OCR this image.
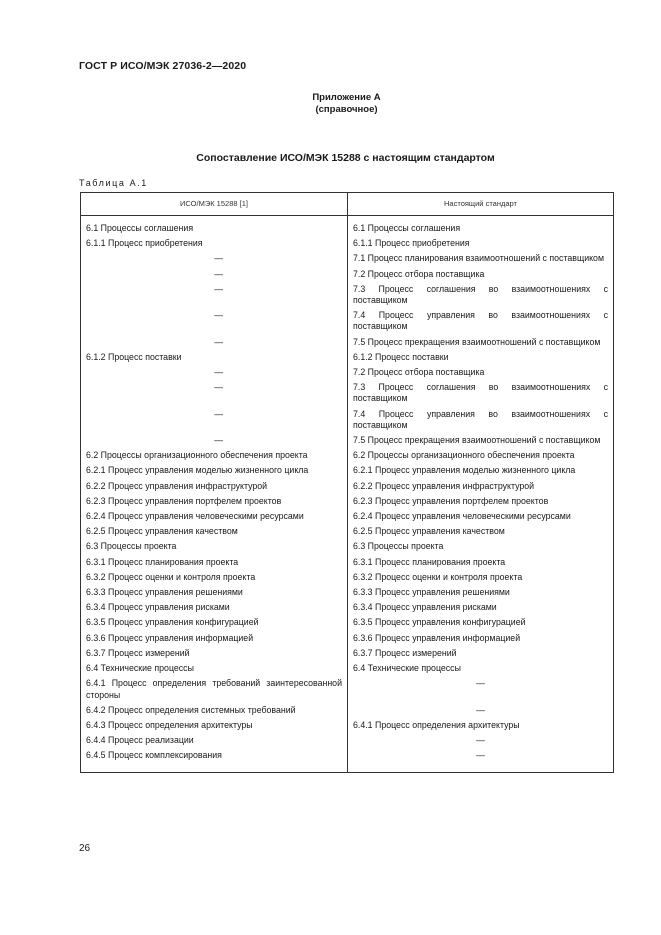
ГОСТ Р ИСО/МЭК 27036-2—2020
Приложение А
(справочное)
Сопоставление ИСО/МЭК 15288 с настоящим стандартом
Таблица А.1
ИСО/МЭК 15288 [1]	Настоящий стандарт
6.1 Процессы соглашения	6.1 Процессы соглашения
6.1.1 Процесс приобретения	6.1.1 Процесс приобретения
—	7.1 Процесс планирования взаимоотношений с поставщиком
—	7.2 Процесс отбора поставщика
—	7.3 Процесс соглашения во взаимоотношениях с поставщиком
—	7.4 Процесс управления во взаимоотношениях с поставщиком
—	7.5 Процесс прекращения взаимоотношений с поставщиком
6.1.2 Процесс поставки	6.1.2 Процесс поставки
—	7.2 Процесс отбора поставщика
—	7.3 Процесс соглашения во взаимоотношениях с поставщиком
—	7.4 Процесс управления во взаимоотношениях с поставщиком
—	7.5 Процесс прекращения взаимоотношений с поставщиком
6.2 Процессы организационного обеспечения проекта	6.2 Процессы организационного обеспечения проекта
6.2.1 Процесс управления моделью жизненного цикла	6.2.1 Процесс управления моделью жизненного цикла
6.2.2 Процесс управления инфраструктурой	6.2.2 Процесс управления инфраструктурой
6.2.3 Процесс управления портфелем проектов	6.2.3 Процесс управления портфелем проектов
6.2.4 Процесс управления человеческими ресурсами	6.2.4 Процесс управления человеческими ресурсами
6.2.5 Процесс управления качеством	6.2.5 Процесс управления качеством
6.3 Процессы проекта	6.3 Процессы проекта
6.3.1 Процесс планирования проекта	6.3.1 Процесс планирования проекта
6.3.2 Процесс оценки и контроля проекта	6.3.2 Процесс оценки и контроля проекта
6.3.3 Процесс управления решениями	6.3.3 Процесс управления решениями
6.3.4 Процесс управления рисками	6.3.4 Процесс управления рисками
6.3.5 Процесс управления конфигурацией	6.3.5 Процесс управления конфигурацией
6.3.6 Процесс управления информацией	6.3.6 Процесс управления информацией
6.3.7 Процесс измерений	6.3.7 Процесс измерений
6.4 Технические процессы	6.4 Технические процессы
6.4.1 Процесс определения требований заинтересованной стороны	—
6.4.2 Процесс определения системных требований	—
6.4.3 Процесс определения архитектуры	6.4.1 Процесс определения архитектуры
6.4.4 Процесс реализации	—
6.4.5 Процесс комплексирования	—
26
